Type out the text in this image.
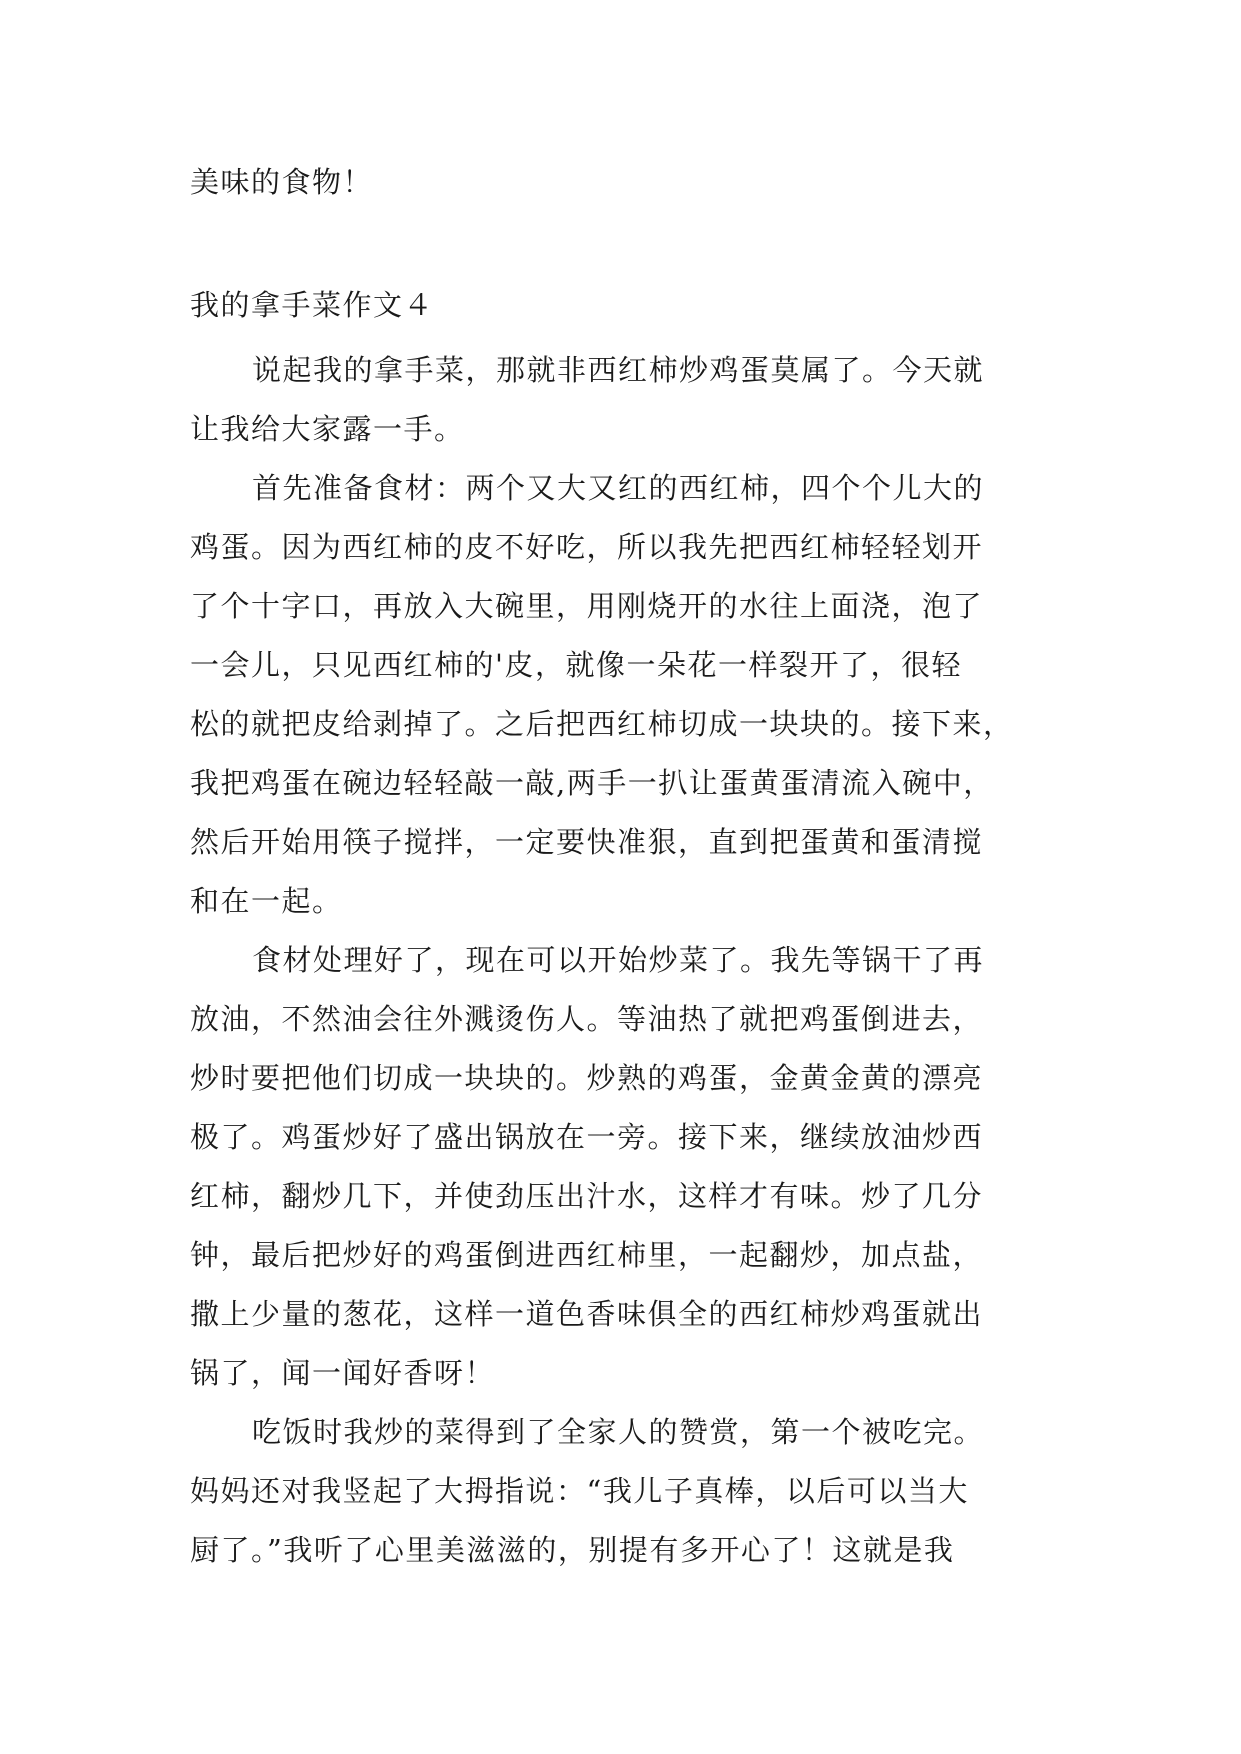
美味的食物！
我的拿手菜作文４
说起我的拿手菜，那就非西红柿炒鸡蛋莫属了。今天就
让我给大家露一手。
首先准备食材：两个又大又红的西红柿，四个个儿大的
鸡蛋。因为西红柿的皮不好吃，所以我先把西红柿轻轻划开
了个十字口，再放入大碗里，用刚烧开的水往上面浇，泡了
一会儿，只见西红柿的'皮，就像一朵花一样裂开了，很轻
松的就把皮给剥掉了。之后把西红柿切成一块块的。接下来，
我把鸡蛋在碗边轻轻敲一敲,两手一扒让蛋黄蛋清流入碗中，
然后开始用筷子搅拌，一定要快准狠，直到把蛋黄和蛋清搅
和在一起。
食材处理好了，现在可以开始炒菜了。我先等锅干了再
放油，不然油会往外溅烫伤人。等油热了就把鸡蛋倒进去，
炒时要把他们切成一块块的。炒熟的鸡蛋，金黄金黄的漂亮
极了。鸡蛋炒好了盛出锅放在一旁。接下来，继续放油炒西
红柿，翻炒几下，并使劲压出汁水，这样才有味。炒了几分
钟，最后把炒好的鸡蛋倒进西红柿里，一起翻炒，加点盐，
撒上少量的葱花，这样一道色香味俱全的西红柿炒鸡蛋就出
锅了，闻一闻好香呀！
吃饭时我炒的菜得到了全家人的赞赏，第一个被吃完。
妈妈还对我竖起了大拇指说：“我儿子真棒，以后可以当大
厨了。”我听了心里美滋滋的，别提有多开心了！这就是我
